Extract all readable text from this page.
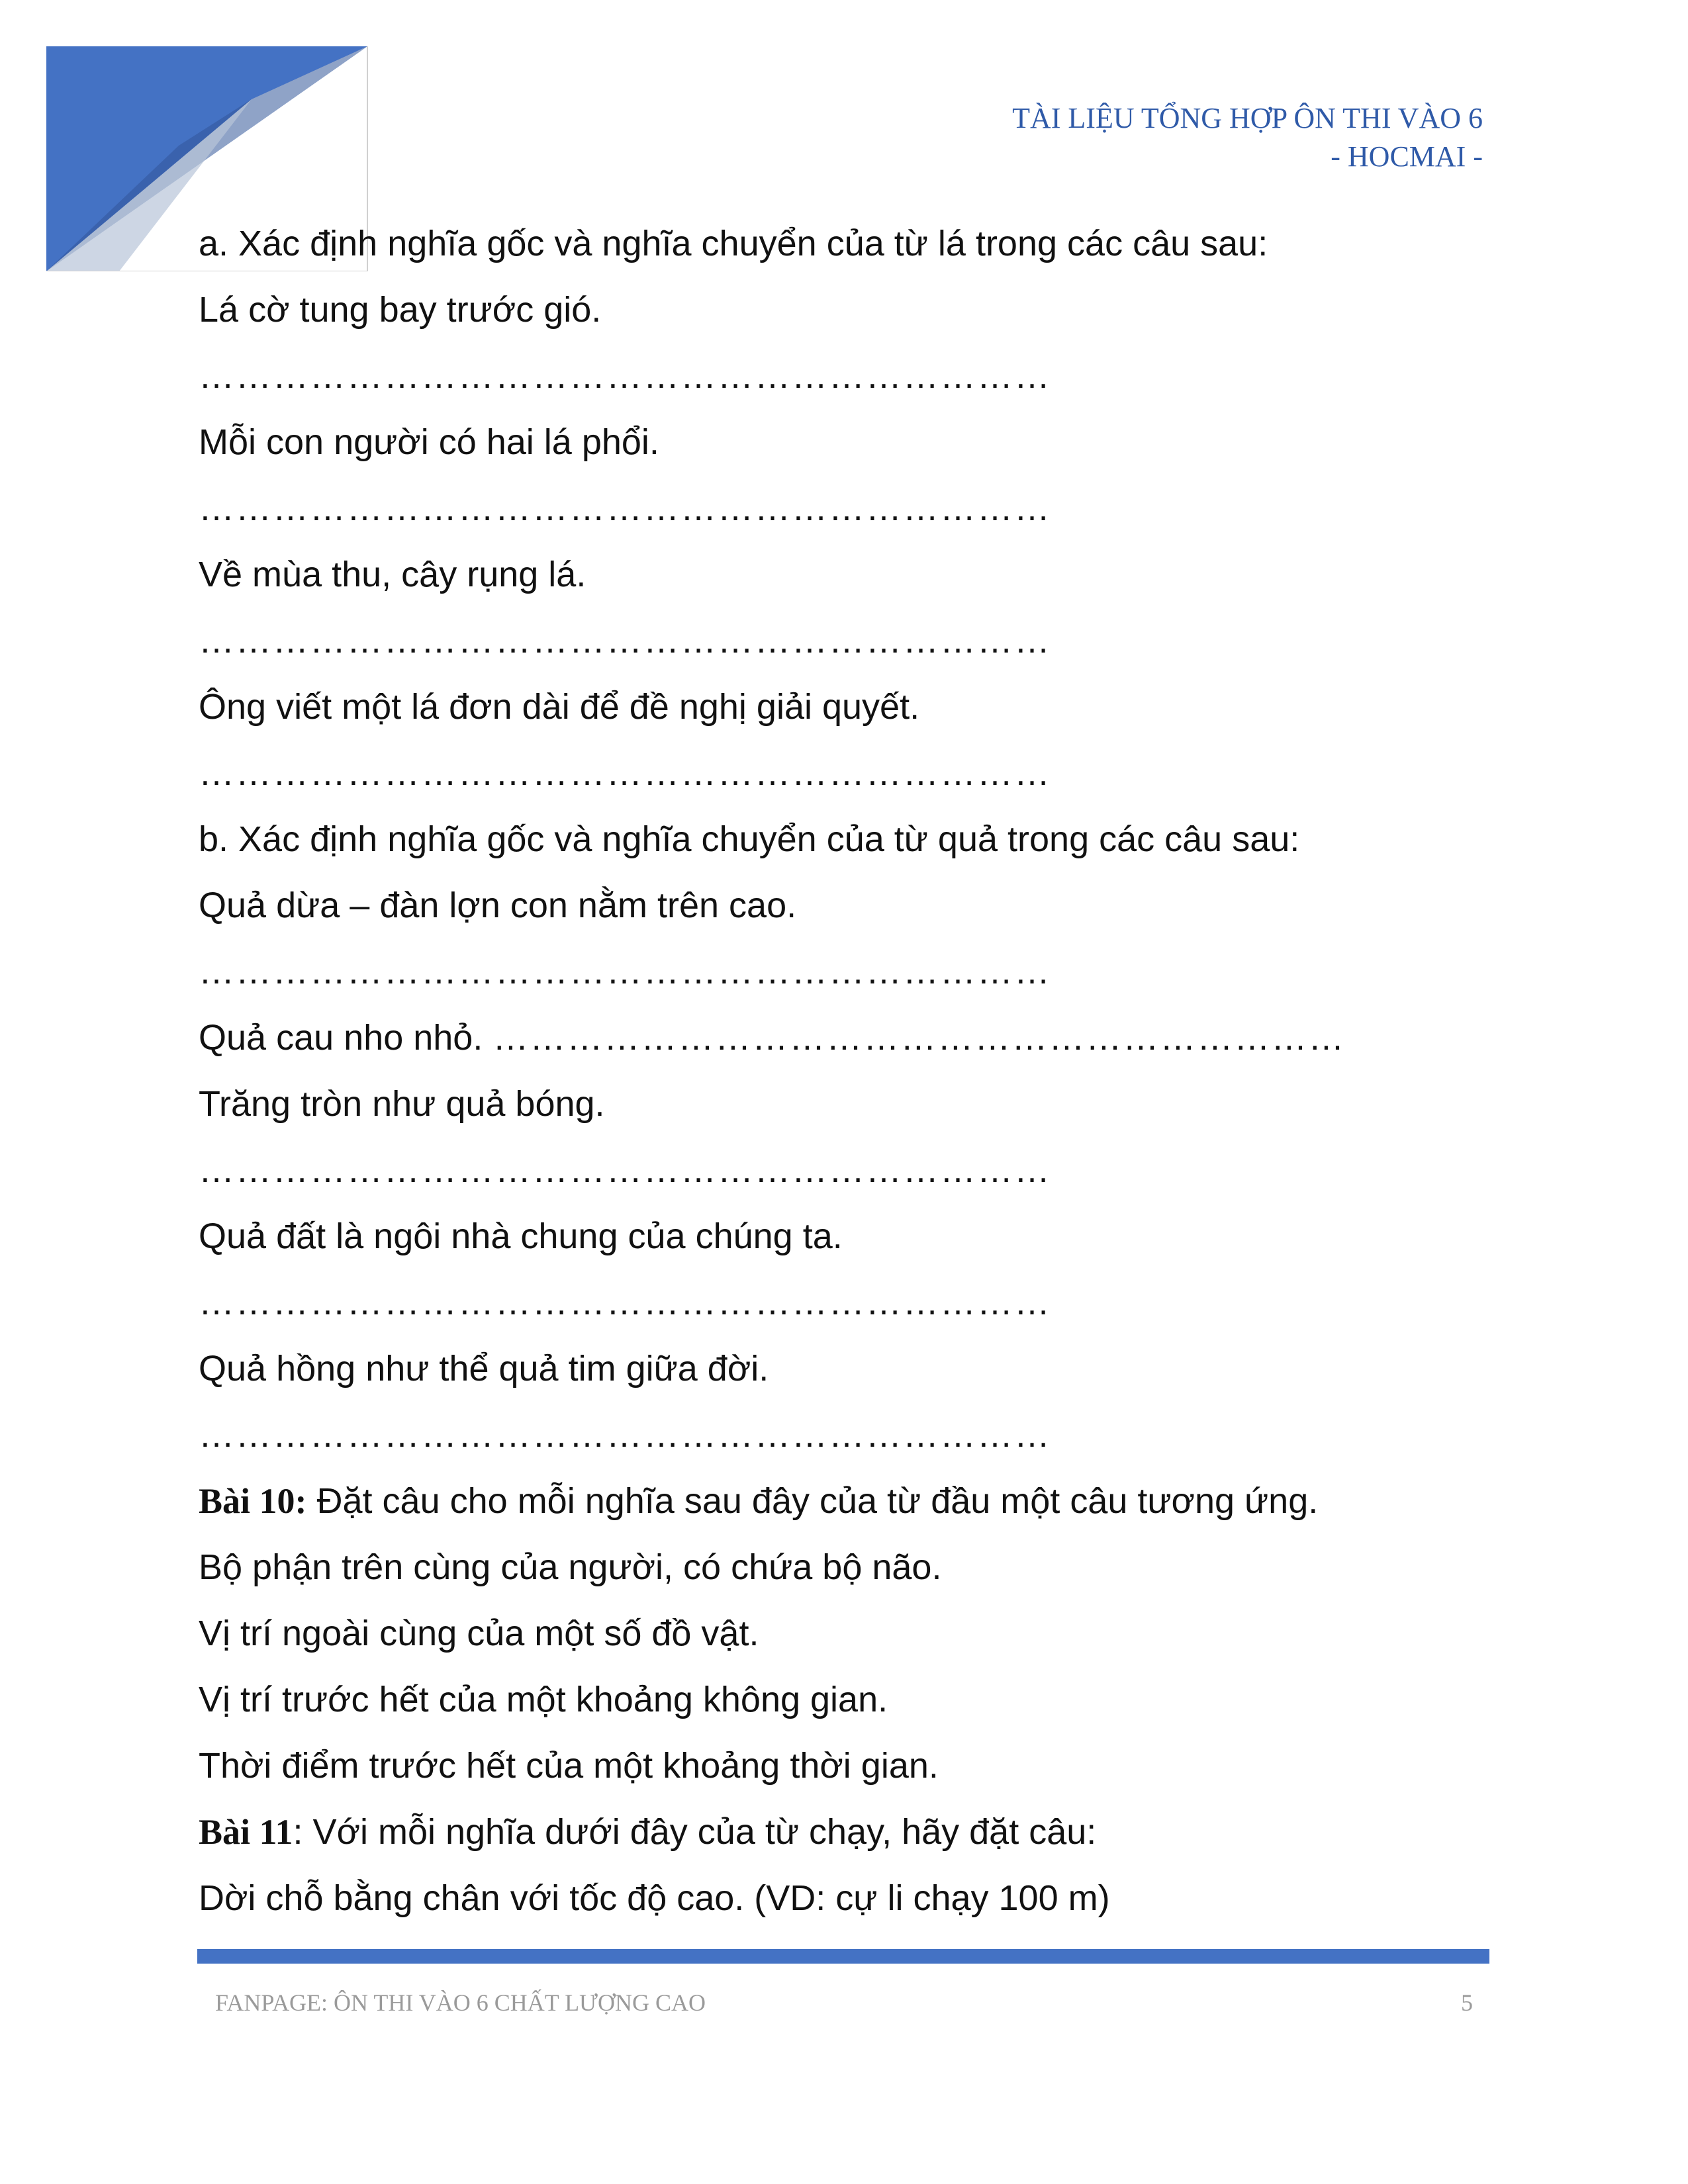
TÀI LIỆU TỔNG HỢP ÔN THI VÀO 6
- HOCMAI -
a. Xác định nghĩa gốc và nghĩa chuyển của từ lá trong các câu sau:
Lá cờ tung bay trước gió.
……………………………………………………………
Mỗi con người có hai lá phổi.
……………………………………………………………
Về mùa thu, cây rụng lá.
……………………………………………………………
Ông viết một lá đơn dài để đề nghị giải quyết.
……………………………………………………………
b. Xác định nghĩa gốc và nghĩa chuyển của từ quả trong các câu sau:
Quả dừa – đàn lợn con nằm trên cao.
……………………………………………………………
Quả cau nho nhỏ. ……………………………………………………………
Trăng tròn như quả bóng.
……………………………………………………………
Quả đất là ngôi nhà chung của chúng ta.
……………………………………………………………
Quả hồng như thể quả tim giữa đời.
……………………………………………………………
Bài 10: Đặt câu cho mỗi nghĩa sau đây của từ đầu một câu tương ứng.
Bộ phận trên cùng của người, có chứa bộ não.
Vị trí ngoài cùng của một số đồ vật.
Vị trí trước hết của một khoảng không gian.
Thời điểm trước hết của một khoảng thời gian.
Bài 11: Với mỗi nghĩa dưới đây của từ chạy, hãy đặt câu:
Dời chỗ bằng chân với tốc độ cao. (VD: cự li chạy 100 m)
FANPAGE: ÔN THI VÀO 6 CHẤT LƯỢNG CAO	5
